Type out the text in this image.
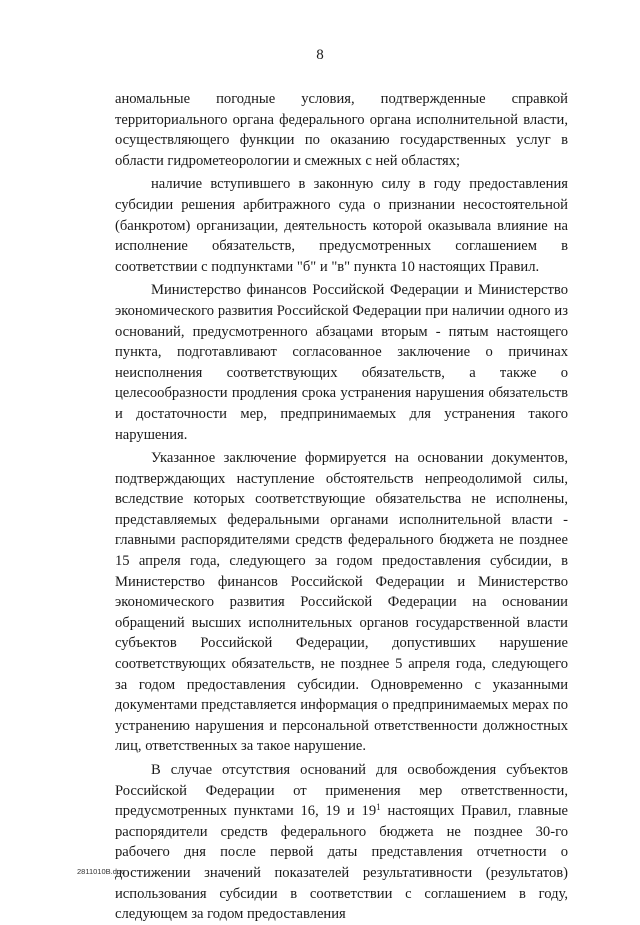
8

аномальные погодные условия, подтвержденные справкой территориального органа федерального органа исполнительной власти, осуществляющего функции по оказанию государственных услуг в области гидрометеорологии и смежных с ней областях;

наличие вступившего в законную силу в году предоставления субсидии решения арбитражного суда о признании несостоятельной (банкротом) организации, деятельность которой оказывала влияние на исполнение обязательств, предусмотренных соглашением в соответствии с подпунктами "б" и "в" пункта 10 настоящих Правил.

Министерство финансов Российской Федерации и Министерство экономического развития Российской Федерации при наличии одного из оснований, предусмотренного абзацами вторым - пятым настоящего пункта, подготавливают согласованное заключение о причинах неисполнения соответствующих обязательств, а также о целесообразности продления срока устранения нарушения обязательств и достаточности мер, предпринимаемых для устранения такого нарушения.

Указанное заключение формируется на основании документов, подтверждающих наступление обстоятельств непреодолимой силы, вследствие которых соответствующие обязательства не исполнены, представляемых федеральными органами исполнительной власти - главными распорядителями средств федерального бюджета не позднее 15 апреля года, следующего за годом предоставления субсидии, в Министерство финансов Российской Федерации и Министерство экономического развития Российской Федерации на основании обращений высших исполнительных органов государственной власти субъектов Российской Федерации, допустивших нарушение соответствующих обязательств, не позднее 5 апреля года, следующего за годом предоставления субсидии. Одновременно с указанными документами представляется информация о предпринимаемых мерах по устранению нарушения и персональной ответственности должностных лиц, ответственных за такое нарушение.

В случае отсутствия оснований для освобождения субъектов Российской Федерации от применения мер ответственности, предусмотренных пунктами 16, 19 и $19^1$ настоящих Правил, главные распорядители средств федерального бюджета не позднее 30-го рабочего дня после первой даты представления отчетности о достижении значений показателей результативности (результатов) использования субсидии в соответствии с соглашением в году, следующем за годом предоставления

2811010В.doc
